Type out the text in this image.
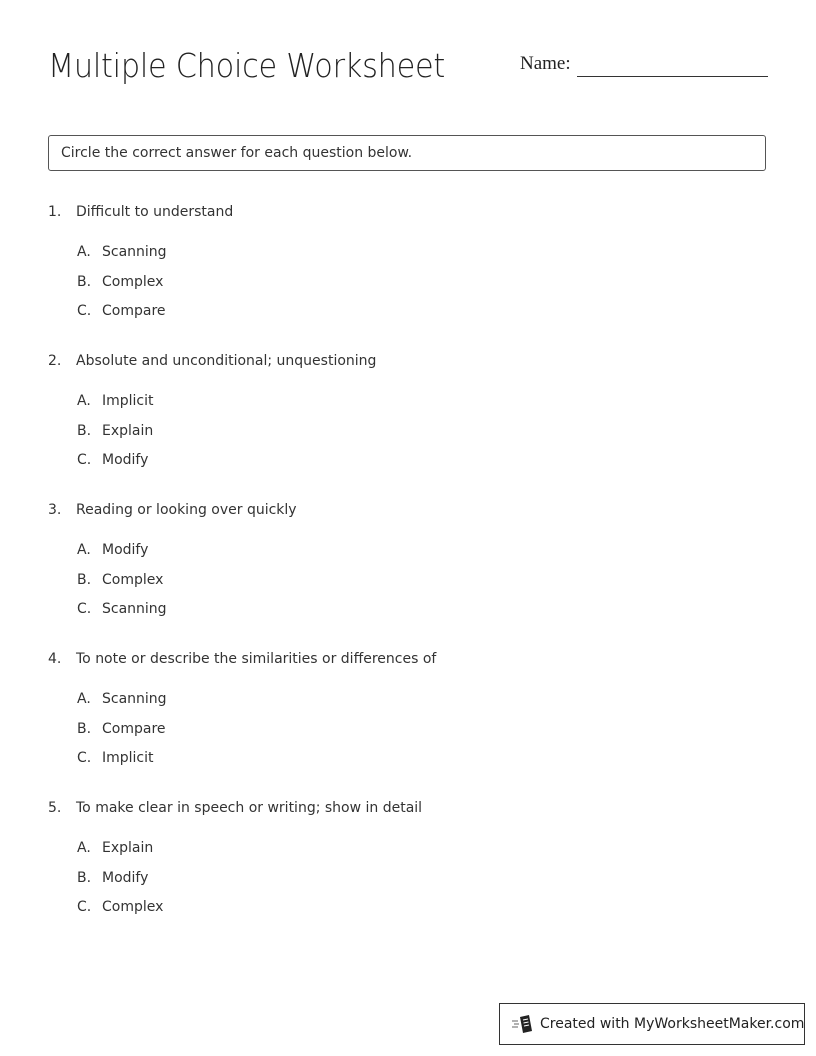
Multiple Choice Worksheet	Name:
Circle the correct answer for each question below.
1. Difficult to understand
A. Scanning
B. Complex
C. Compare
2. Absolute and unconditional; unquestioning
A. Implicit
B. Explain
C. Modify
3. Reading or looking over quickly
A. Modify
B. Complex
C. Scanning
4. To note or describe the similarities or differences of
A. Scanning
B. Compare
C. Implicit
5. To make clear in speech or writing; show in detail
A. Explain
B. Modify
C. Complex
Created with MyWorksheetMaker.com
